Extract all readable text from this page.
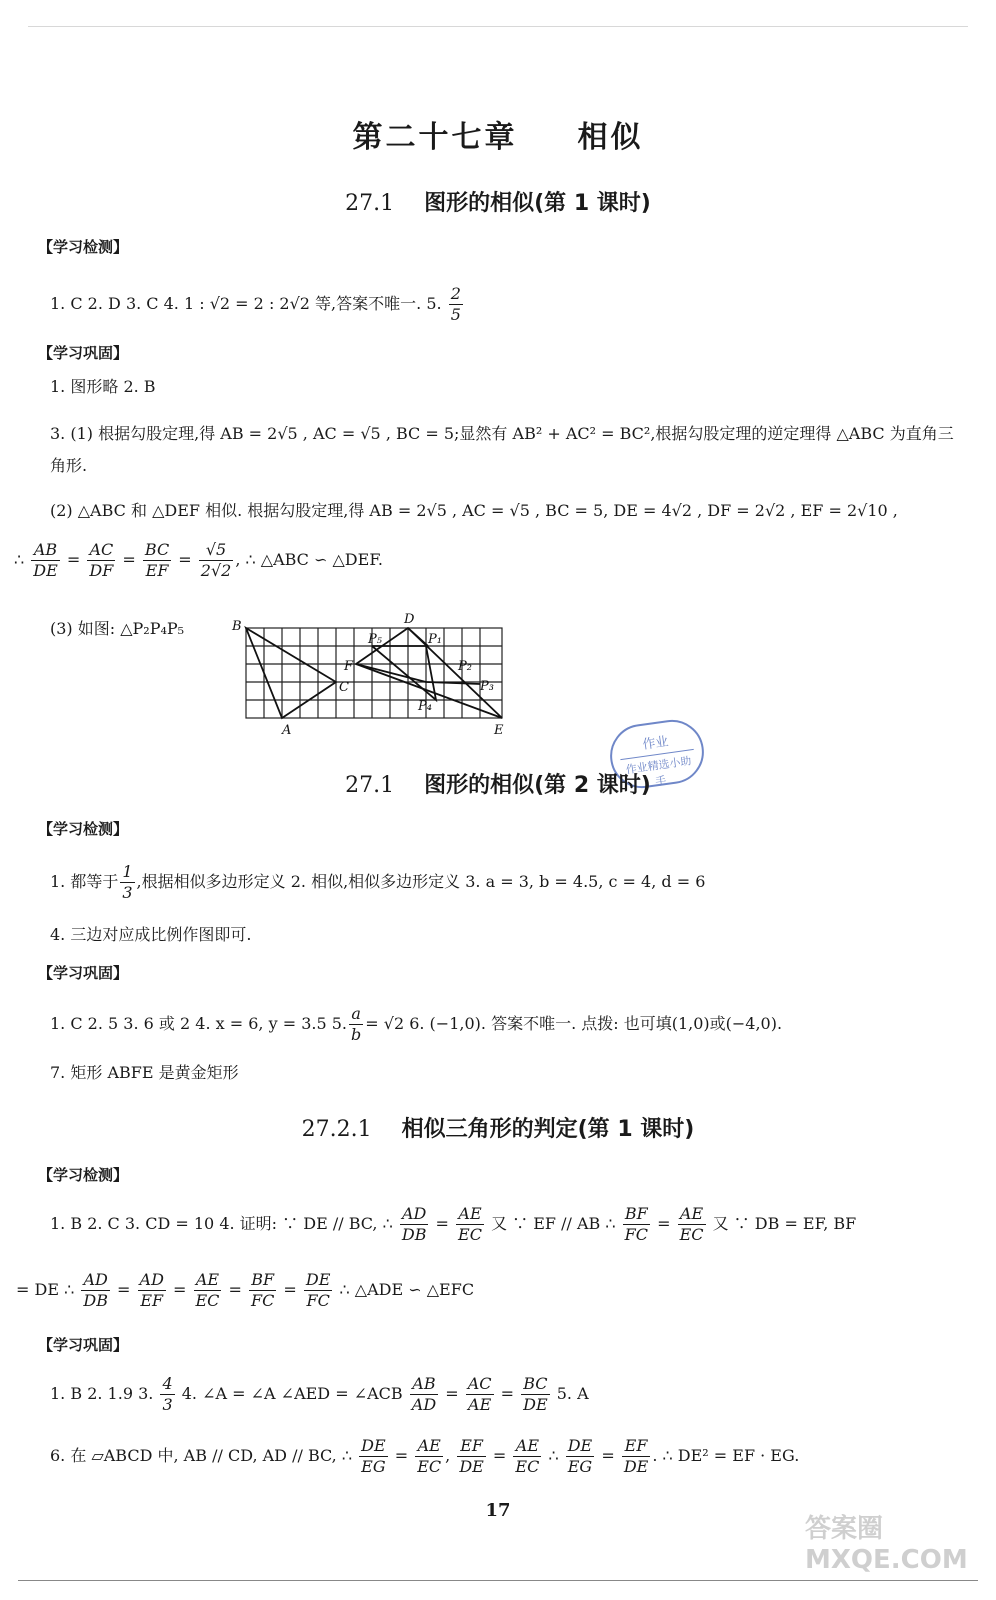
第二十七章 相似
27.1 图形的相似(第 1 课时)
【学习检测】
1. C 2. D 3. C 4. 1 : √2 = 2 : 2√2 等,答案不唯一. 5. $\frac{2}{5}$
【学习巩固】
1. 图形略 2. B
3. (1) 根据勾股定理,得 AB = 2√5 , AC = √5 , BC = 5;显然有 AB² + AC² = BC²,根据勾股定理的逆定理得 △ABC 为直角三角形.
(2) △ABC 和 △DEF 相似. 根据勾股定理,得 AB = 2√5 , AC = √5 , BC = 5, DE = 4√2 , DF = 2√2 , EF = 2√10 ,
∴ $\frac{AB}{DE} = \frac{AC}{DF} = \frac{BC}{EF} = \frac{√5}{2√2}$ , ∴ △ABC ∽ △DEF.
(3) 如图: △P₂P₄P₅	B
A
C
D
E
F
P₅	P₁
P₂
P₃
P₄
作业
作业精选小助手
27.1 图形的相似(第 2 课时)
【学习检测】
1. 都等于 $\frac{1}{3}$ ,根据相似多边形定义 2. 相似,相似多边形定义 3. a = 3, b = 4.5, c = 4, d = 6
4. 三边对应成比例作图即可.
【学习巩固】
1. C 2. 5 3. 6 或 2 4. x = 6, y = 3.5 5. $\frac{a}{b} = √2$ 6. (−1,0). 答案不唯一. 点拨: 也可填(1,0)或(−4,0).
7. 矩形 ABFE 是黄金矩形
27.2.1 相似三角形的判定(第 1 课时)
【学习检测】
1. B 2. C 3. CD = 10 4. 证明: ∵ DE // BC, ∴ $\frac{AD}{DB} = \frac{AE}{EC}$ 又 ∵ EF // AB ∴ $\frac{BF}{FC} = \frac{AE}{EC}$ 又 ∵ DB = EF, BF
= DE ∴ $\frac{AD}{DB} = \frac{AD}{EF} = \frac{AE}{EC} = \frac{BF}{FC} = \frac{DE}{FC}$ ∴ △ADE ∽ △EFC
【学习巩固】
1. B 2. 1.9 3. $\frac{4}{3} 4$. ∠A = ∠A ∠AED = ∠ACB $\frac{AB}{AD} = \frac{AC}{AE} = \frac{BC}{DE} 5$. A
6. 在 ▱ABCD 中, AB // CD, AD // BC, ∴ $\frac{DE}{EG} = \frac{AE}{EC}$ , $\frac{EF}{DE} = \frac{AE}{EC}$ ∴ $\frac{DE}{EG} = \frac{EF}{DE}$ . ∴ DE² = EF · EG.
17
答案圈 MXQE.COM
